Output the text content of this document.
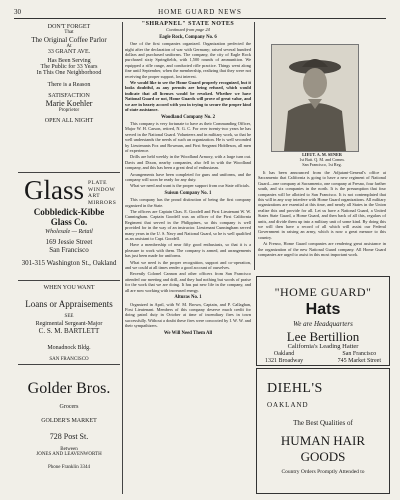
30	HOME GUARD NEWS
DON'T FORGET
That
The Original Coffee Parlor
At
33 GRANT AVE.
Has Been Serving
The Public for 33 Years
In This One Neighborhood
There is a Reason
SATISFACTION
Marie Koehler
Proprietor
OPEN ALL NIGHT
Glass PLATE
WINDOW
ART
MIRRORS
Cobbledick-Kibbe
Glass Co.
Wholesale — Retail
169 Jessie Street
San Francisco
301-315 Washington St., Oakland
WHEN YOU WANT
Loans or Appraisements
SEE
Regimental Sergeant-Major
C. S. M. BARTLETT
Monadnock Bldg.
SAN FRANCISCO
Golder Bros.
Grocers
GOLDER'S MARKET
728 Post St.
Between
JONES AND LEAVENWORTH
Phone Franklin 3344
"SHRAPNEL" STATE NOTES
Continued from page 24

Eagle Rock, Company No. 6

One of the first companies organized. Organization perfected the night after the declaration of war with Germany; raised several hundred dollars and purchased uniforms. The company, the city of Eagle Rock purchased sixty Springfields, with 1,500 rounds of ammunition. We equipped a rifle range, and conducted rifle practice. Things went along fine until September, when the membership, realizing that they were not receiving the proper support, lost interest.

We would like to see the Home Guard properly recognized, but it looks doubtful, as any permits are being refused, which would indicate that all licenses would be revoked. Whether we have National Guard or not, Home Guards will prove of great value, and we are in hearty accord with you in trying to secure the proper kind of state assistance.

Woodland Company No. 2

This company is very fortunate to have as their Commanding Officer, Major W. H. Carson, retired, N. G. C. For over twenty-two years he has served in the National Guard. Volunteers and in military work, so that he well understands the needs of such an organization. He is well seconded by Lieutenants Fox and Bowman, and First Sergeant Hiddleson, all men of experience.

Drills are held weekly in the Woodland Armory, with a large turn out. Davis and Dixon, nearby companies, also fell in with the Woodland company, and this has been a great deal of enthusiasm.

Arrangements have been completed for guns and uniforms, and the company will soon be ready for any duty.

What we need and want is the proper support from our State officials.

Suisun Company No. 1

This company has the proud distinction of being the first company organized in the State.

The officers are Captain Chas. E. Goodell and First Lieutenant W. W. Cunningham. Captain Goodell was an officer of the First California Regiment that served in the Philippines, so this company is well provided for in the way of an instructor. Lieutenant Cunningham served many years in the U. S. Navy and National Guard, so he is well qualified as an assistant to Capt. Goodell.

Have a membership of near fifty good enthusiasts, so that it is a pleasure to work with them. The company is armed, and arrangements has just been made for uniforms.

What we need is the proper recognition, support and co-operation, and we could at all times render a good account of ourselves.

Recently Colonel Cannon and other officers from San Francisco attended our meeting and drill, and they had nothing but words of praise for the work that we are doing. It has put new life in the company, and all are now working with increased energy.

Alturas No. 1

Organized in April, with W. M. Brown, Captain, and P. Callaghan, First Lieutenant. Members of this company deserve much credit for doing patrol duty in October at time of incendiary fires in town successfully. Without a doubt these fires were concocted by I. W. W. and their sympathizers.

We Will Need Them All

LIEUT. A. M. SENER
1st Batt. Q. M. and Comm.
San Francisco, 1st Reg.

It has been announced from the Adjutant-General's office at Sacramento that California is going to have a new regiment of National Guard—one company at Sacramento, one company at Fresno, four farther south, and six companies in the north. It is the presumption that four companies will be allotted to San Francisco. It is not contemplated that this will in any way interfere with Home Guard organizations. All military organizations are essential at this time, and nearly all States in the Union realize this and provide for all. Let us have a National Guard, a United States State Guard, a Home Guard, and then back of all this, regulars of units, and divide them up into a military unit of some kind. By doing this we will then have a record of all which will assist our Federal Government in raising an army, which is now a great menace to this country.

At Fresno, Home Guard companies are rendering great assistance in the organization of the new National Guard company. All Home Guard companies are urged to assist in this most important work.

"HOME GUARD"
Hats
We are Headquarters
Lee Bertillion
California's Leading Hatter
Oakland
1321 Broadway
San Francisco
745 Market Street
DIEHL'S
OAKLAND
The Best Qualities of
HUMAN HAIR
GOODS
Country Orders Promptly Attended to
